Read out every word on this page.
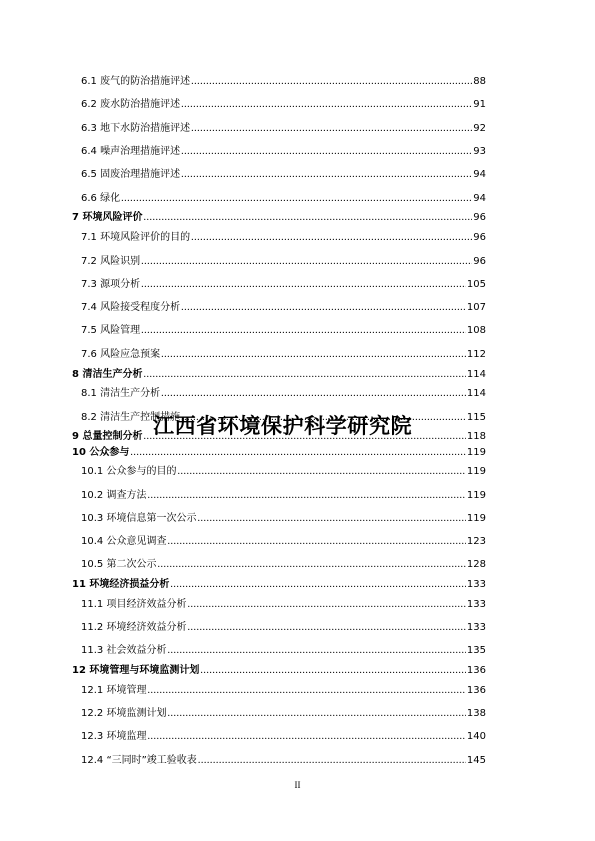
6.1 废气的防治措施评述 .....	88
6.2 废水防治措施评述 .....	91
6.3 地下水防治措施评述 .....	92
6.4 噪声治理措施评述 .....	93
6.5 固废治理措施评述 .....	94
6.6 绿化 .....	94
7 环境风险评价 .....	96
7.1 环境风险评价的目的 .....	96
7.2 风险识别 .....	96
7.3 源项分析 .....	105
7.4 风险接受程度分析 .....	107
7.5 风险管理 .....	108
7.6 风险应急预案 .....	112
8 清洁生产分析 .....	114
8.1 清洁生产分析 .....	114
8.2 清洁生产控制措施 .....	115
9 总量控制分析 .....	118
10 公众参与 .....	119
10.1 公众参与的目的 .....	119
10.2 调查方法 .....	119
10.3 环境信息第一次公示 .....	119
10.4 公众意见调查 .....	123
10.5 第二次公示 .....	128
11 环境经济损益分析 .....	133
11.1 项目经济效益分析 .....	133
11.2 环境经济效益分析 .....	133
11.3 社会效益分析 .....	135
12 环境管理与环境监测计划 .....	136
12.1 环境管理 .....	136
12.2 环境监测计划 .....	138
12.3 环境监理 .....	140
12.4 “三同时”竣工验收表 .....	145
江西省环境保护科学研究院
II
